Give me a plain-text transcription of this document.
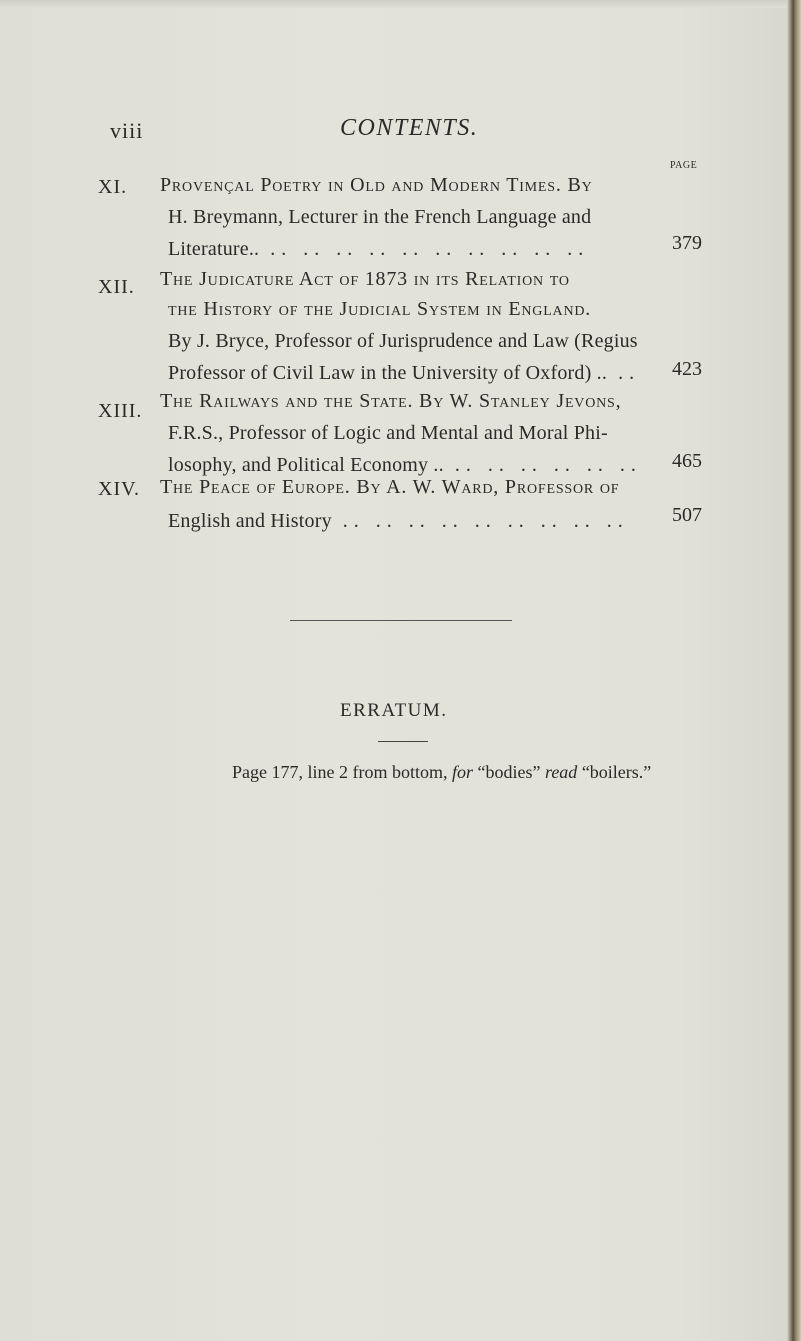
viii	CONTENTS.
PAGE
XI. Provençal Poetry in Old and Modern Times. By
H. Breymann, Lecturer in the French Language and
Literature.. .. .. .. .. .. .. .. .. .. ..	379
XII. The Judicature Act of 1873 in its Relation to
the History of the Judicial System in England.
By J. Bryce, Professor of Jurisprudence and Law (Regius
Professor of Civil Law in the University of Oxford) .. .. 423
XIII. The Railways and the State. By W. Stanley Jevons,
F.R.S., Professor of Logic and Mental and Moral Phi-
losophy, and Political Economy .. .. .. .. .. .. .. 465
XIV. The Peace of Europe. By A. W. Ward, Professor of
English and History .. .. .. .. .. .. .. .. .. 507
ERRATUM.
Page 177, line 2 from bottom, for “bodies” read “boilers.”
